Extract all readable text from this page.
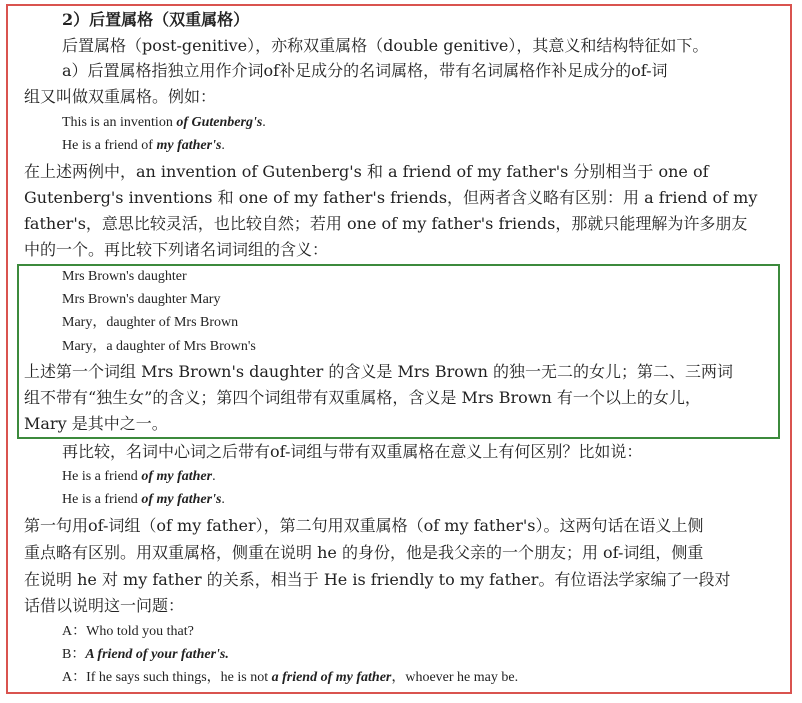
2）后置属格（双重属格）
后置属格（post-genitive），亦称双重属格（double genitive），其意义和结构特征如下。
a）后置属格指独立用作介词of补足成分的名词属格，带有名词属格作补足成分的of-词
组又叫做双重属格。例如：
This is an invention of Gutenberg's.
He is a friend of my father's.
在上述两例中，an invention of Gutenberg's 和 a friend of my father's 分别相当于 one of
Gutenberg's inventions 和 one of my father's friends，但两者含义略有区别：用 a friend of my
father's，意思比较灵活，也比较自然；若用 one of my father's friends，那就只能理解为许多朋友
中的一个。再比较下列诸名词词组的含义：
Mrs Brown's daughter
Mrs Brown's daughter Mary
Mary，daughter of Mrs Brown
Mary，a daughter of Mrs Brown's
上述第一个词组 Mrs Brown's daughter 的含义是 Mrs Brown 的独一无二的女儿；第二、三两词
组不带有“独生女”的含义；第四个词组带有双重属格，含义是 Mrs Brown 有一个以上的女儿，
Mary 是其中之一。
再比较，名词中心词之后带有of-词组与带有双重属格在意义上有何区别？比如说：
He is a friend of my father.
He is a friend of my father's.
第一句用of-词组（of my father），第二句用双重属格（of my father's）。这两句话在语义上侧
重点略有区别。用双重属格，侧重在说明 he 的身份，他是我父亲的一个朋友；用 of-词组，侧重
在说明 he 对 my father 的关系，相当于 He is friendly to my father。有位语法学家编了一段对
话借以说明这一问题：
A：Who told you that?
B：A friend of your father's.
A：If he says such things，he is not a friend of my father，whoever he may be.
